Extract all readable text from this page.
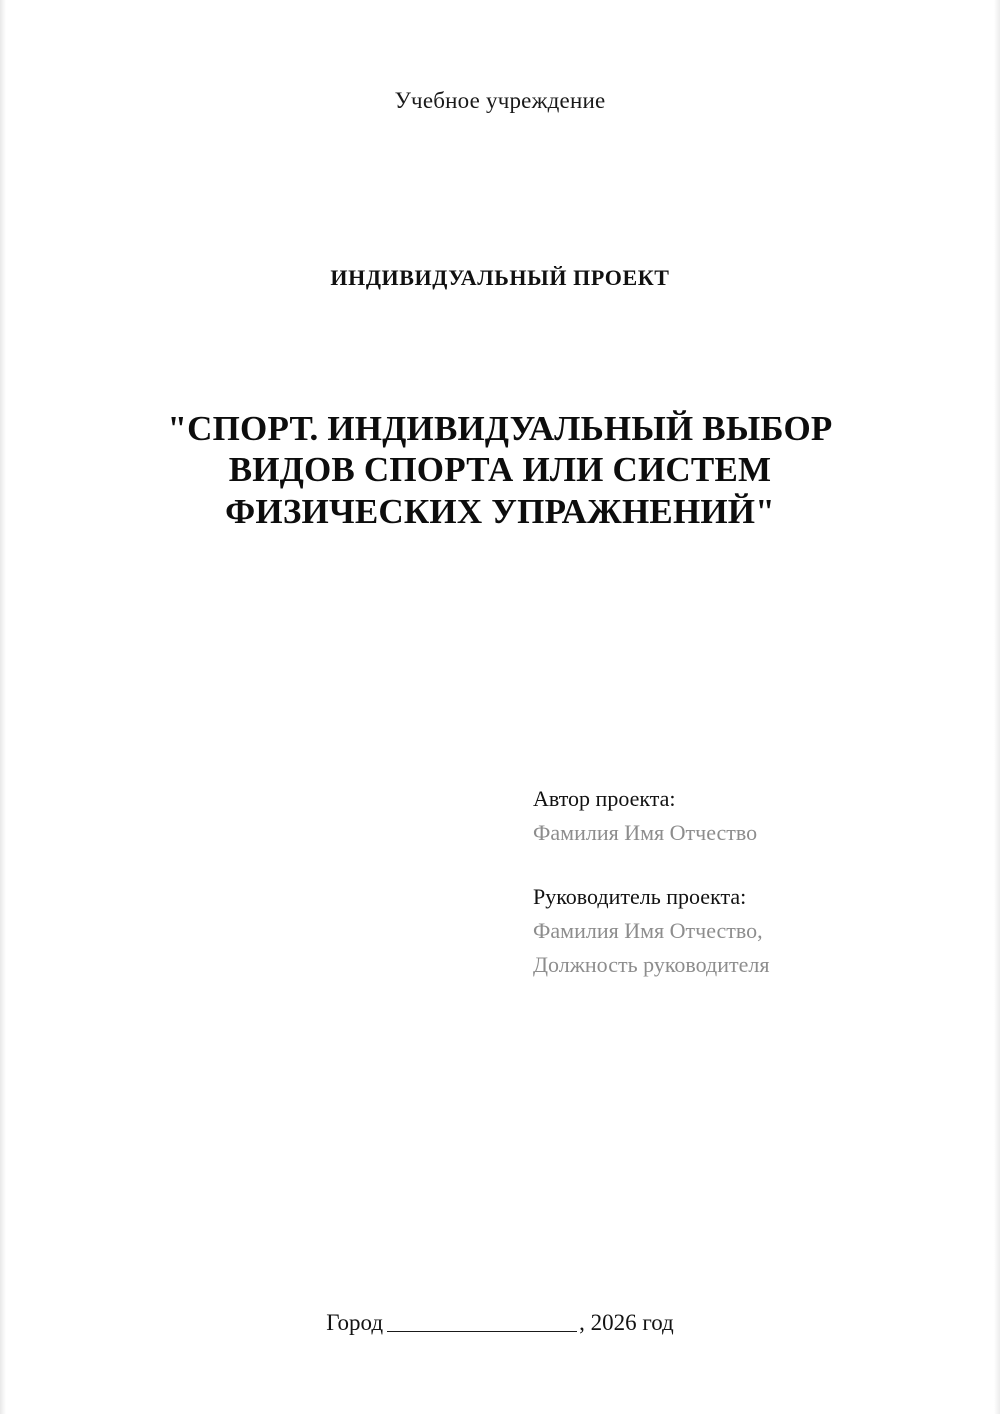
Учебное учреждение
ИНДИВИДУАЛЬНЫЙ ПРОЕКТ
"СПОРТ. ИНДИВИДУАЛЬНЫЙ ВЫБОР ВИДОВ СПОРТА ИЛИ СИСТЕМ ФИЗИЧЕСКИХ УПРАЖНЕНИЙ"
Автор проекта:
Фамилия Имя Отчество
Руководитель проекта:
Фамилия Имя Отчество,
Должность руководителя
Город	, 2026 год
